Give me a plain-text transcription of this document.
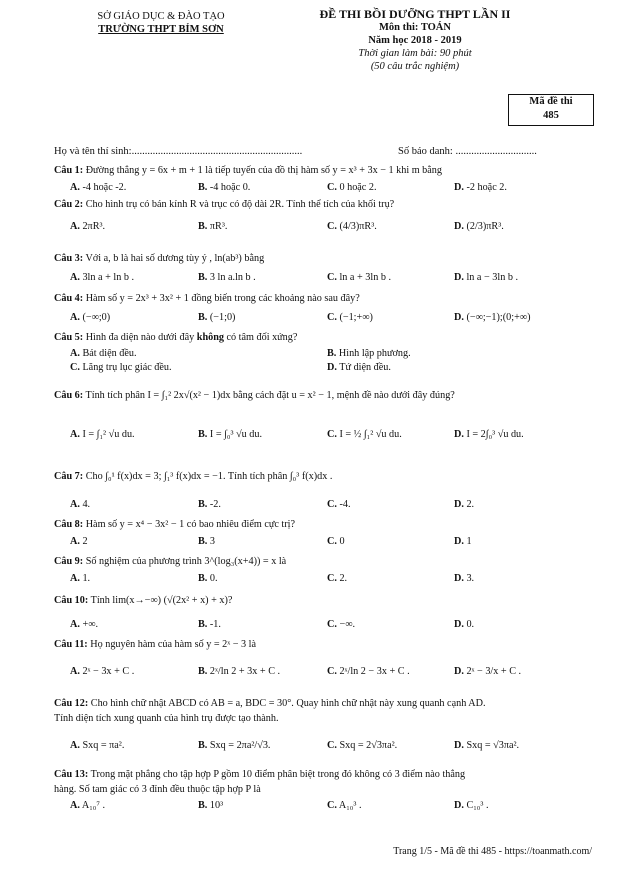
SỞ GIÁO DỤC & ĐÀO TẠO
TRƯỜNG THPT BỈM SƠN
ĐỀ THI BỒI DƯỠNG THPT LẦN II
Môn thi: TOÁN
Năm học 2018 - 2019
Thời gian làm bài: 90 phút
(50 câu trắc nghiệm)
Mã đề thi
485
Họ và tên thí sinh:.................................................................	Số báo danh: ...............................
Câu 1: Đường thẳng y = 6x + m + 1 là tiếp tuyến của đồ thị hàm số y = x³ + 3x − 1 khi m bằng
A. -4 hoặc -2.	B. -4 hoặc 0.	C. 0 hoặc 2.	D. -2 hoặc 2.
Câu 2: Cho hình trụ có bán kính R và trục có độ dài 2R. Tính thể tích của khối trụ?
A. 2πR³.	B. πR³.	C. (4/3)πR³.	D. (2/3)πR³.
Câu 3: Với a, b là hai số dương tùy ý , ln(ab³) bằng
A. 3ln a + ln b .	B. 3 ln a.ln b .	C. ln a + 3ln b .	D. ln a − 3ln b .
Câu 4: Hàm số y = 2x³ + 3x² + 1 đồng biến trong các khoảng nào sau đây?
A. (−∞;0)	B. (−1;0)	C. (−1;+∞)	D. (−∞;−1);(0;+∞)
Câu 5: Hình đa diện nào dưới đây không có tâm đối xứng?
A. Bát diện đều.	B. Hình lập phương.
C. Lăng trụ lục giác đều.	D. Tứ diện đều.
Câu 6: Tính tích phân I = ∫₁² 2x√(x² − 1)dx bằng cách đặt u = x² − 1, mệnh đề nào dưới đây đúng?
A. I = ∫₁² √u du.	B. I = ∫₀³ √u du.	C. I = ½ ∫₁² √u du.	D. I = 2∫₀³ √u du.
Câu 7: Cho ∫₀¹ f(x)dx = 3; ∫₁³ f(x)dx = −1. Tính tích phân ∫₀³ f(x)dx .
A. 4.	B. -2.	C. -4.	D. 2.
Câu 8: Hàm số y = x⁴ − 3x² − 1 có bao nhiêu điểm cực trị?
A. 2	B. 3	C. 0	D. 1
Câu 9: Số nghiệm của phương trình 3^(log₃(x+4)) = x là
A. 1.	B. 0.	C. 2.	D. 3.
Câu 10: Tính lim(x→−∞) (√(2x² + x) + x)?
A. +∞.	B. -1.	C. −∞.	D. 0.
Câu 11: Họ nguyên hàm của hàm số y = 2ˣ − 3 là
A. 2ˣ − 3x + C .	B. 2ˣ/ln 2 + 3x + C .	C. 2ˣ/ln 2 − 3x + C .	D. 2ˣ − 3/x + C .
Câu 12: Cho hình chữ nhật ABCD có AB = a, BDC = 30°. Quay hình chữ nhật này xung quanh cạnh AD.
Tính diện tích xung quanh của hình trụ được tạo thành.
A. Sxq = πa².	B. Sxq = 2πa²/√3.	C. Sxq = 2√3πa².	D. Sxq = √3πa².
Câu 13: Trong mặt phẳng cho tập hợp P gồm 10 điểm phân biệt trong đó không có 3 điểm nào thẳng
hàng. Số tam giác có 3 đỉnh đều thuộc tập hợp P là
A. A₁₀⁷ .	B. 10³	C. A₁₀³ .	D. C₁₀³ .
Trang 1/5 - Mã đề thi 485 - https://toanmath.com/
